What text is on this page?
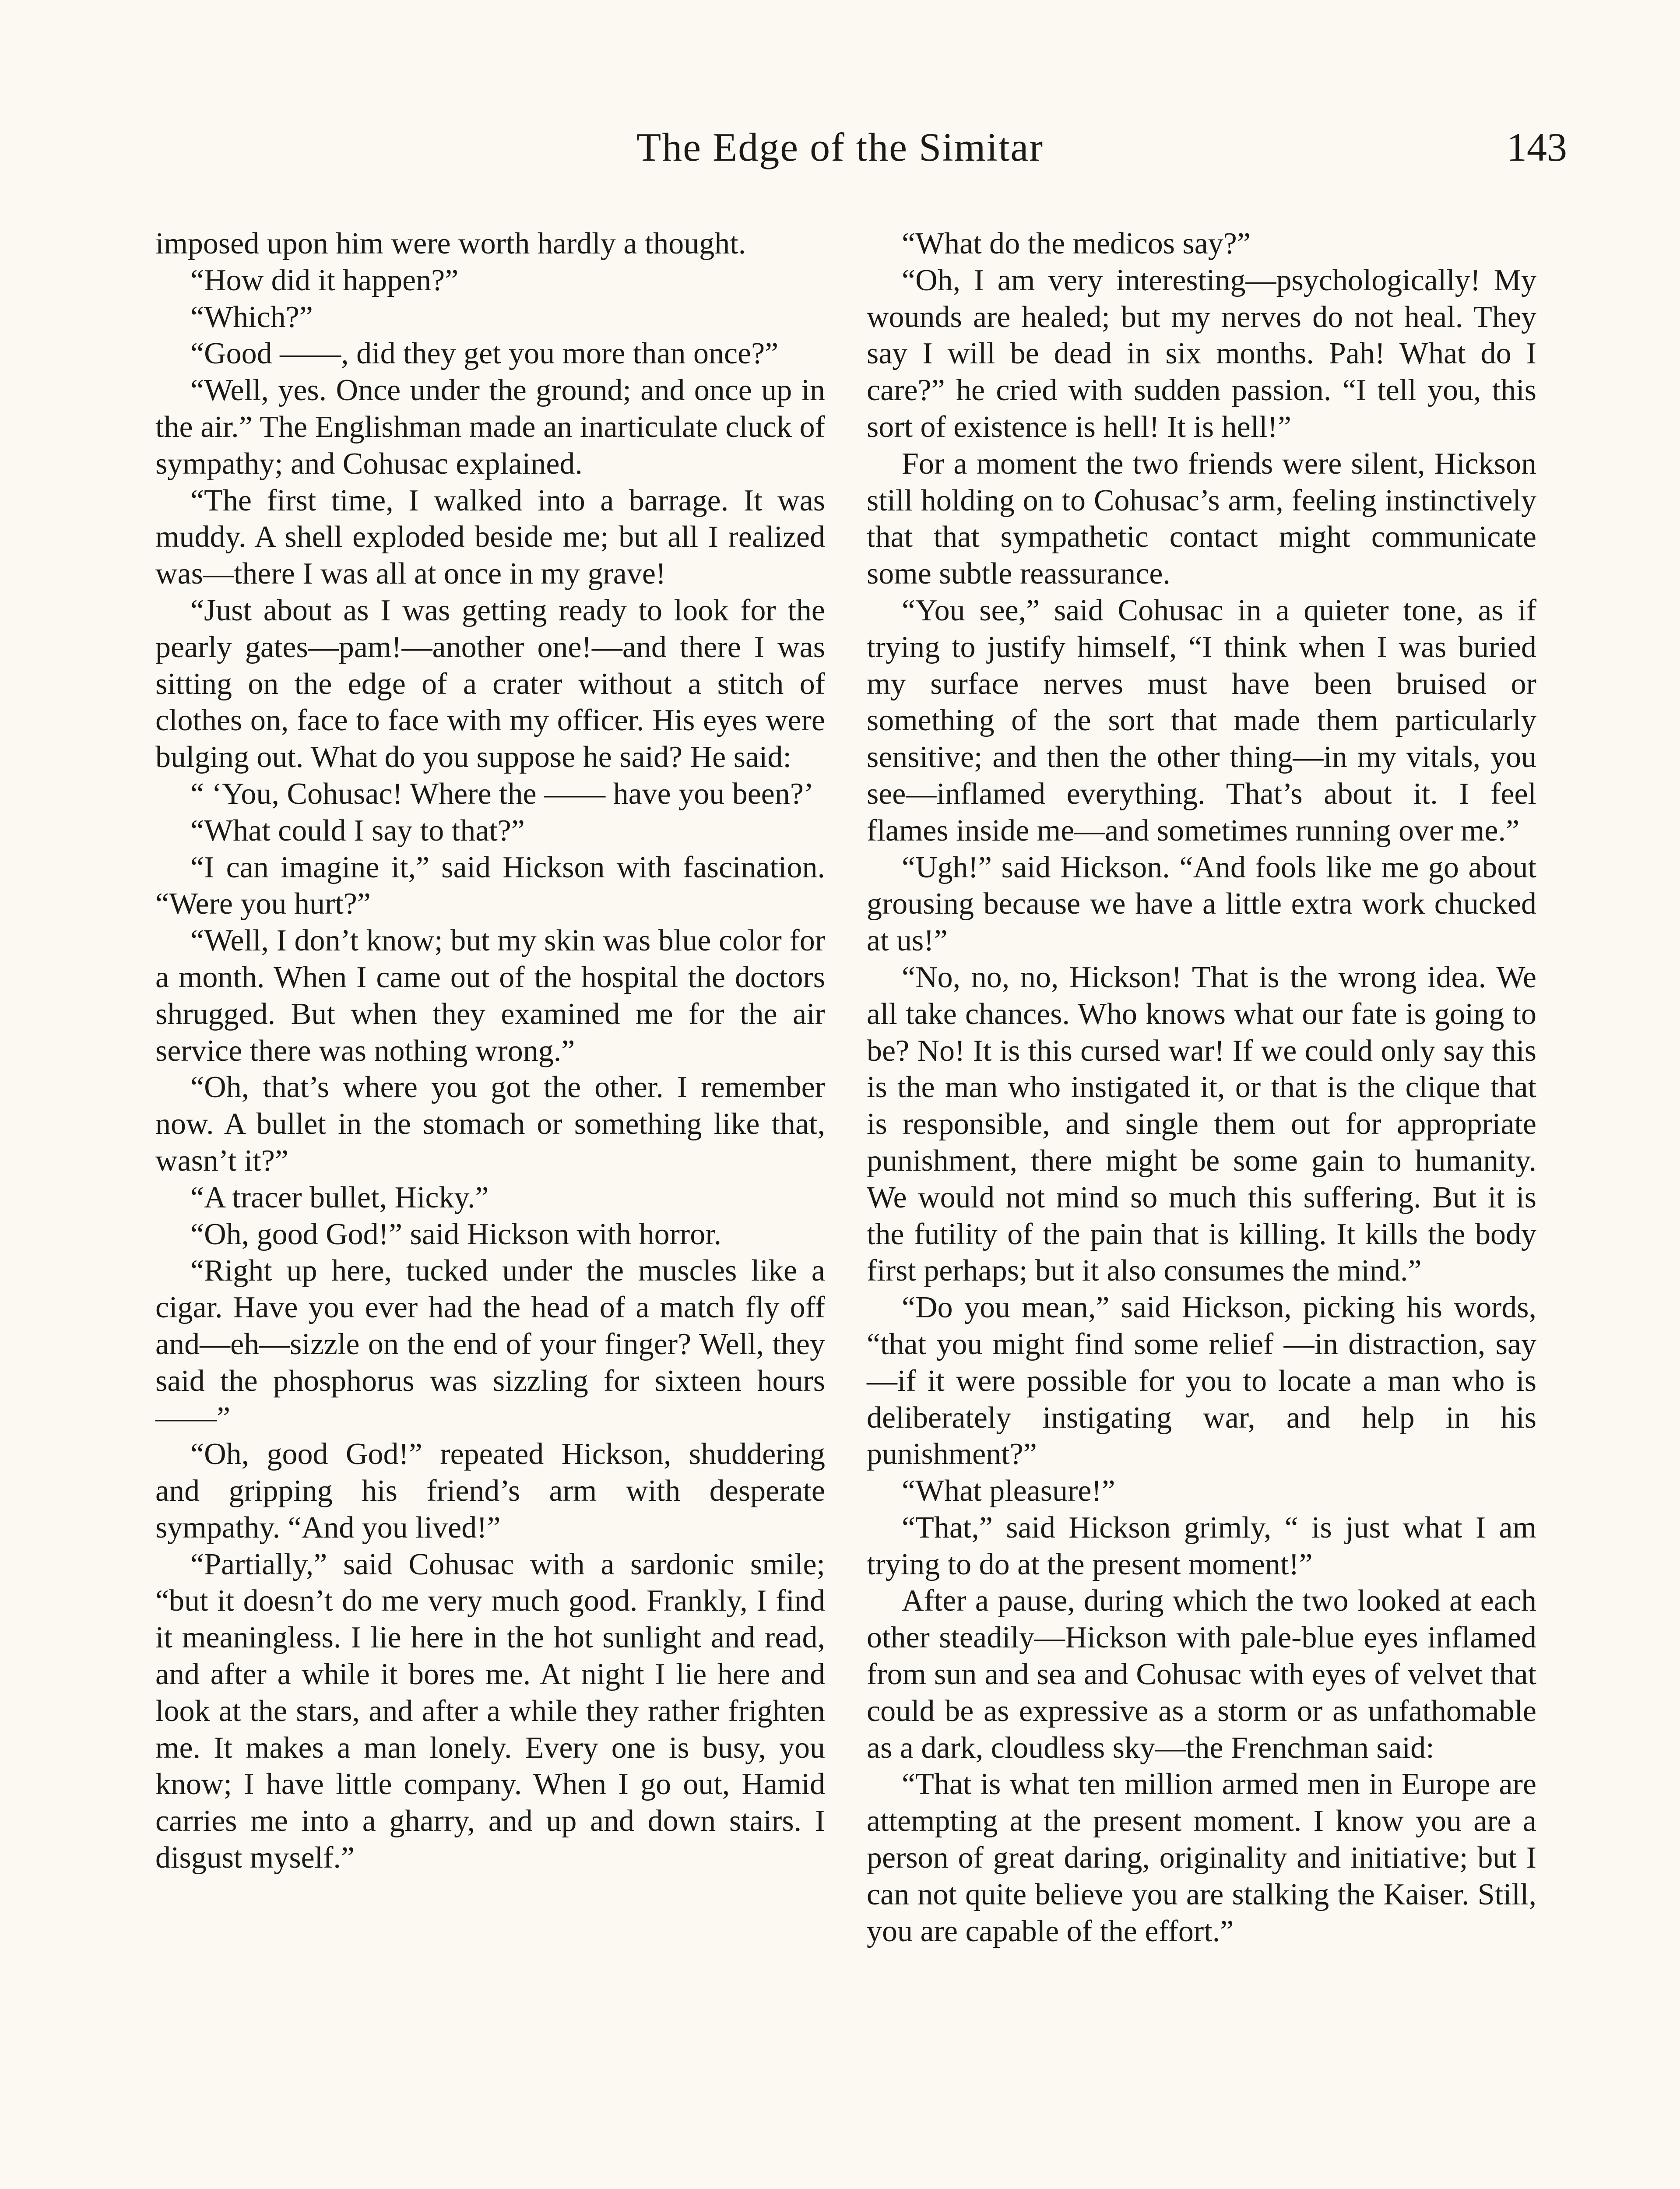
The Edge of the Simitar	143

imposed upon him were worth hardly a thought.

“How did it happen?”

“Which?”

“Good ——, did they get you more than once?”

“Well, yes. Once under the ground; and once up in the air.” The Englishman made an inarticulate cluck of sympathy; and Cohusac explained.

“The first time, I walked into a barrage. It was muddy. A shell exploded beside me; but all I realized was—there I was all at once in my grave!

“Just about as I was getting ready to look for the pearly gates—pam!—another one!—and there I was sitting on the edge of a crater without a stitch of clothes on, face to face with my officer. His eyes were bulging out. What do you suppose he said? He said:

“ ‘You, Cohusac! Where the —— have you been?’

“What could I say to that?”

“I can imagine it,” said Hickson with fascination. “Were you hurt?”

“Well, I don’t know; but my skin was blue color for a month. When I came out of the hospital the doctors shrugged. But when they examined me for the air service there was nothing wrong.”

“Oh, that’s where you got the other. I remember now. A bullet in the stomach or something like that, wasn’t it?”

“A tracer bullet, Hicky.”

“Oh, good God!” said Hickson with horror.

“Right up here, tucked under the muscles like a cigar. Have you ever had the head of a match fly off and—eh—sizzle on the end of your finger? Well, they said the phosphorus was sizzling for sixteen hours——”

“Oh, good God!” repeated Hickson, shuddering and gripping his friend’s arm with desperate sympathy. “And you lived!”

“Partially,” said Cohusac with a sardonic smile; “but it doesn’t do me very much good. Frankly, I find it meaningless. I lie here in the hot sunlight and read, and after a while it bores me. At night I lie here and look at the stars, and after a while they rather frighten me. It makes a man lonely. Every one is busy, you know; I have little company. When I go out, Hamid carries me into a gharry, and up and down stairs. I disgust myself.”

“What do the medicos say?”

“Oh, I am very interesting—psychologically! My wounds are healed; but my nerves do not heal. They say I will be dead in six months. Pah! What do I care?” he cried with sudden passion. “I tell you, this sort of existence is hell! It is hell!”

For a moment the two friends were silent, Hickson still holding on to Cohusac’s arm, feeling instinctively that that sympathetic contact might communicate some subtle reassurance.

“You see,” said Cohusac in a quieter tone, as if trying to justify himself, “I think when I was buried my surface nerves must have been bruised or something of the sort that made them particularly sensitive; and then the other thing—in my vitals, you see—inflamed everything. That’s about it. I feel flames inside me—and sometimes running over me.”

“Ugh!” said Hickson. “And fools like me go about grousing because we have a little extra work chucked at us!”

“No, no, no, Hickson! That is the wrong idea. We all take chances. Who knows what our fate is going to be? No! It is this cursed war! If we could only say this is the man who instigated it, or that is the clique that is responsible, and single them out for appropriate punishment, there might be some gain to humanity. We would not mind so much this suffering. But it is the futility of the pain that is killing. It kills the body first perhaps; but it also consumes the mind.”

“Do you mean,” said Hickson, picking his words, “that you might find some relief —in distraction, say—if it were possible for you to locate a man who is deliberately instigating war, and help in his punishment?”

“What pleasure!”

“That,” said Hickson grimly, “ is just what I am trying to do at the present moment!”

After a pause, during which the two looked at each other steadily—Hickson with pale-blue eyes inflamed from sun and sea and Cohusac with eyes of velvet that could be as expressive as a storm or as unfathomable as a dark, cloudless sky—the Frenchman said:

“That is what ten million armed men in Europe are attempting at the present moment. I know you are a person of great daring, originality and initiative; but I can not quite believe you are stalking the Kaiser. Still, you are capable of the effort.”
